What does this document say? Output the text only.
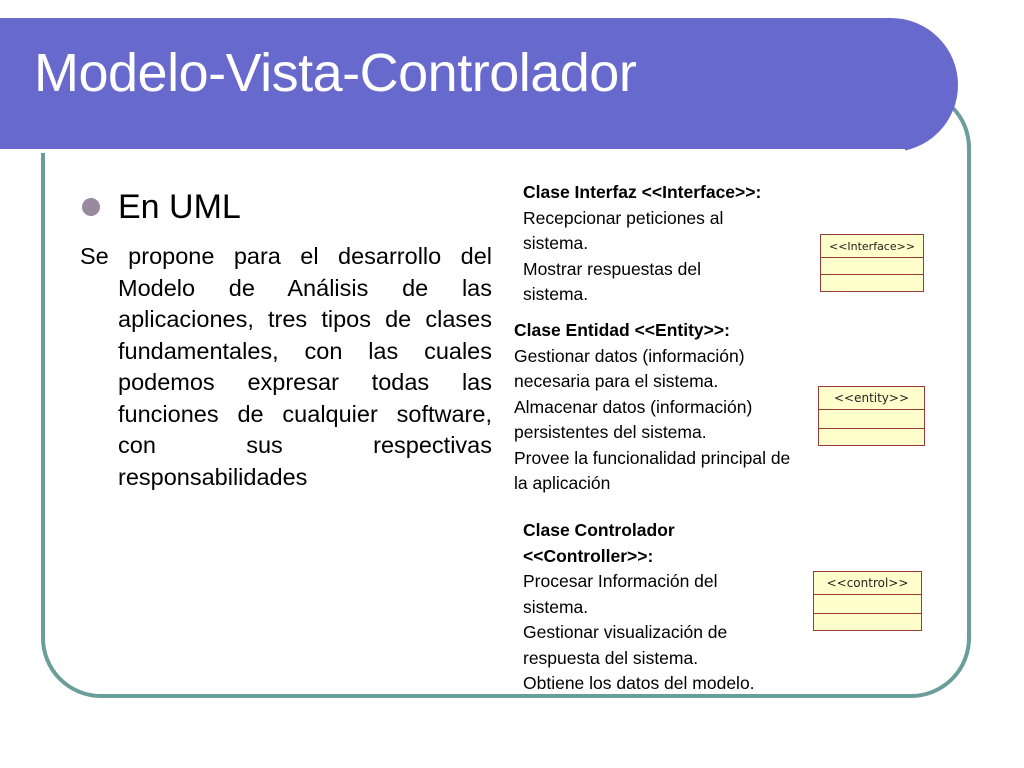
Modelo-Vista-Controlador
En UML

Se propone para el desarrollo del Modelo de Análisis de las aplicaciones, tres tipos de clases fundamentales, con las cuales podemos expresar todas las funciones de cualquier software, con sus respectivas responsabilidades

Clase Interfaz <<Interface>>:
Recepcionar peticiones al
sistema.
Mostrar respuestas del
sistema.
<<Interface>>
Clase Entidad <<Entity>>:
Gestionar datos (información)
necesaria para el sistema.
Almacenar datos (información)
persistentes del sistema.
Provee la funcionalidad principal de
la aplicación
<<entity>>
Clase Controlador
<<Controller>>:
Procesar Información del
sistema.
Gestionar visualización de
respuesta del sistema.
Obtiene los datos del modelo.
<<control>>
